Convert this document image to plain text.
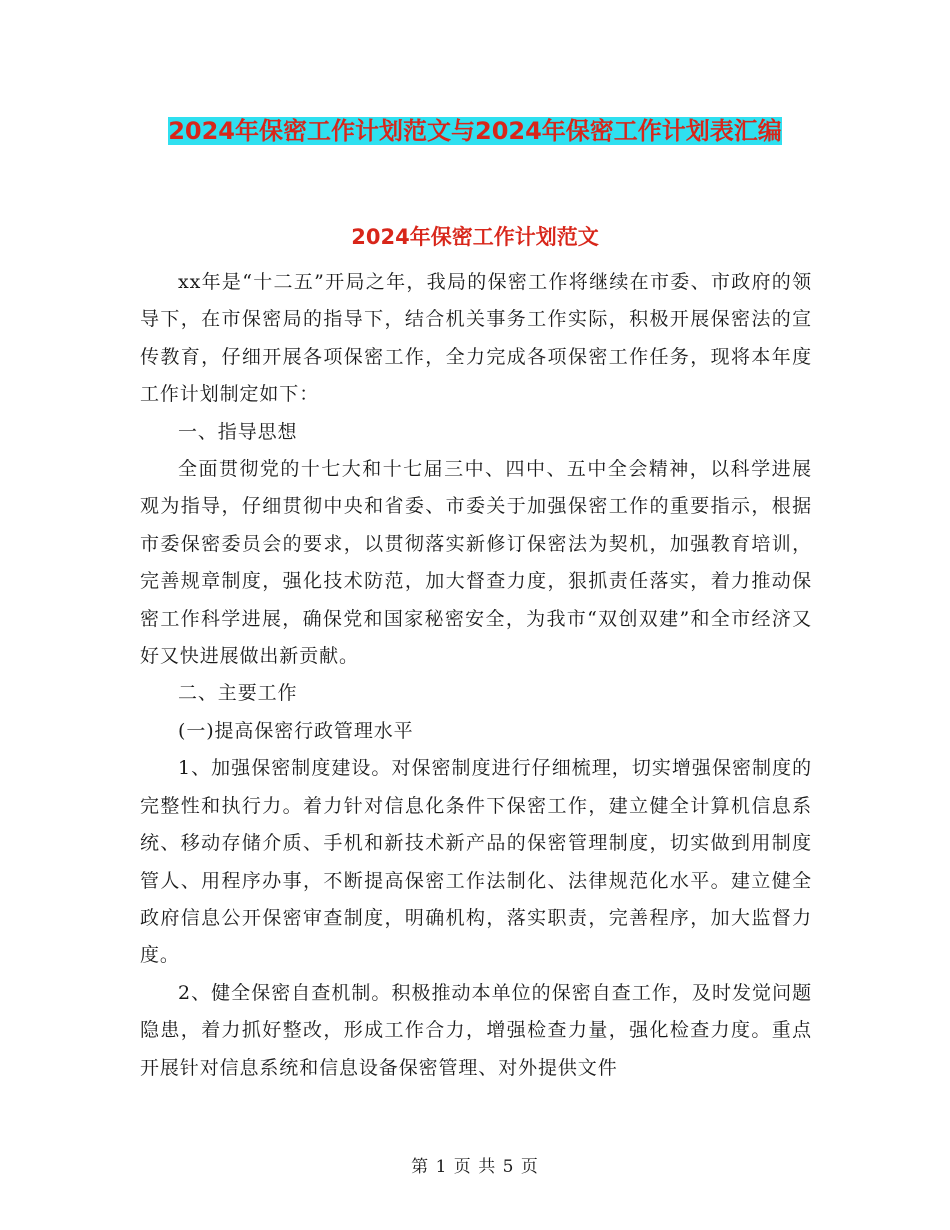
2024年保密工作计划范文与2024年保密工作计划表汇编
2024年保密工作计划范文

xx年是“十二五”开局之年，我局的保密工作将继续在市委、市政府的领导下，在市保密局的指导下，结合机关事务工作实际，积极开展保密法的宣传教育，仔细开展各项保密工作，全力完成各项保密工作任务，现将本年度工作计划制定如下：

一、指导思想

全面贯彻党的十七大和十七届三中、四中、五中全会精神，以科学进展观为指导，仔细贯彻中央和省委、市委关于加强保密工作的重要指示，根据市委保密委员会的要求，以贯彻落实新修订保密法为契机，加强教育培训，完善规章制度，强化技术防范，加大督查力度，狠抓责任落实，着力推动保密工作科学进展，确保党和国家秘密安全，为我市“双创双建”和全市经济又好又快进展做出新贡献。

二、主要工作

(一)提高保密行政管理水平

1、加强保密制度建设。对保密制度进行仔细梳理，切实增强保密制度的完整性和执行力。着力针对信息化条件下保密工作，建立健全计算机信息系统、移动存储介质、手机和新技术新产品的保密管理制度，切实做到用制度管人、用程序办事，不断提高保密工作法制化、法律规范化水平。建立健全政府信息公开保密审查制度，明确机构，落实职责，完善程序，加大监督力度。

2、健全保密自查机制。积极推动本单位的保密自查工作，及时发觉问题隐患，着力抓好整改，形成工作合力，增强检查力量，强化检查力度。重点开展针对信息系统和信息设备保密管理、对外提供文件

第 1 页 共 5 页
